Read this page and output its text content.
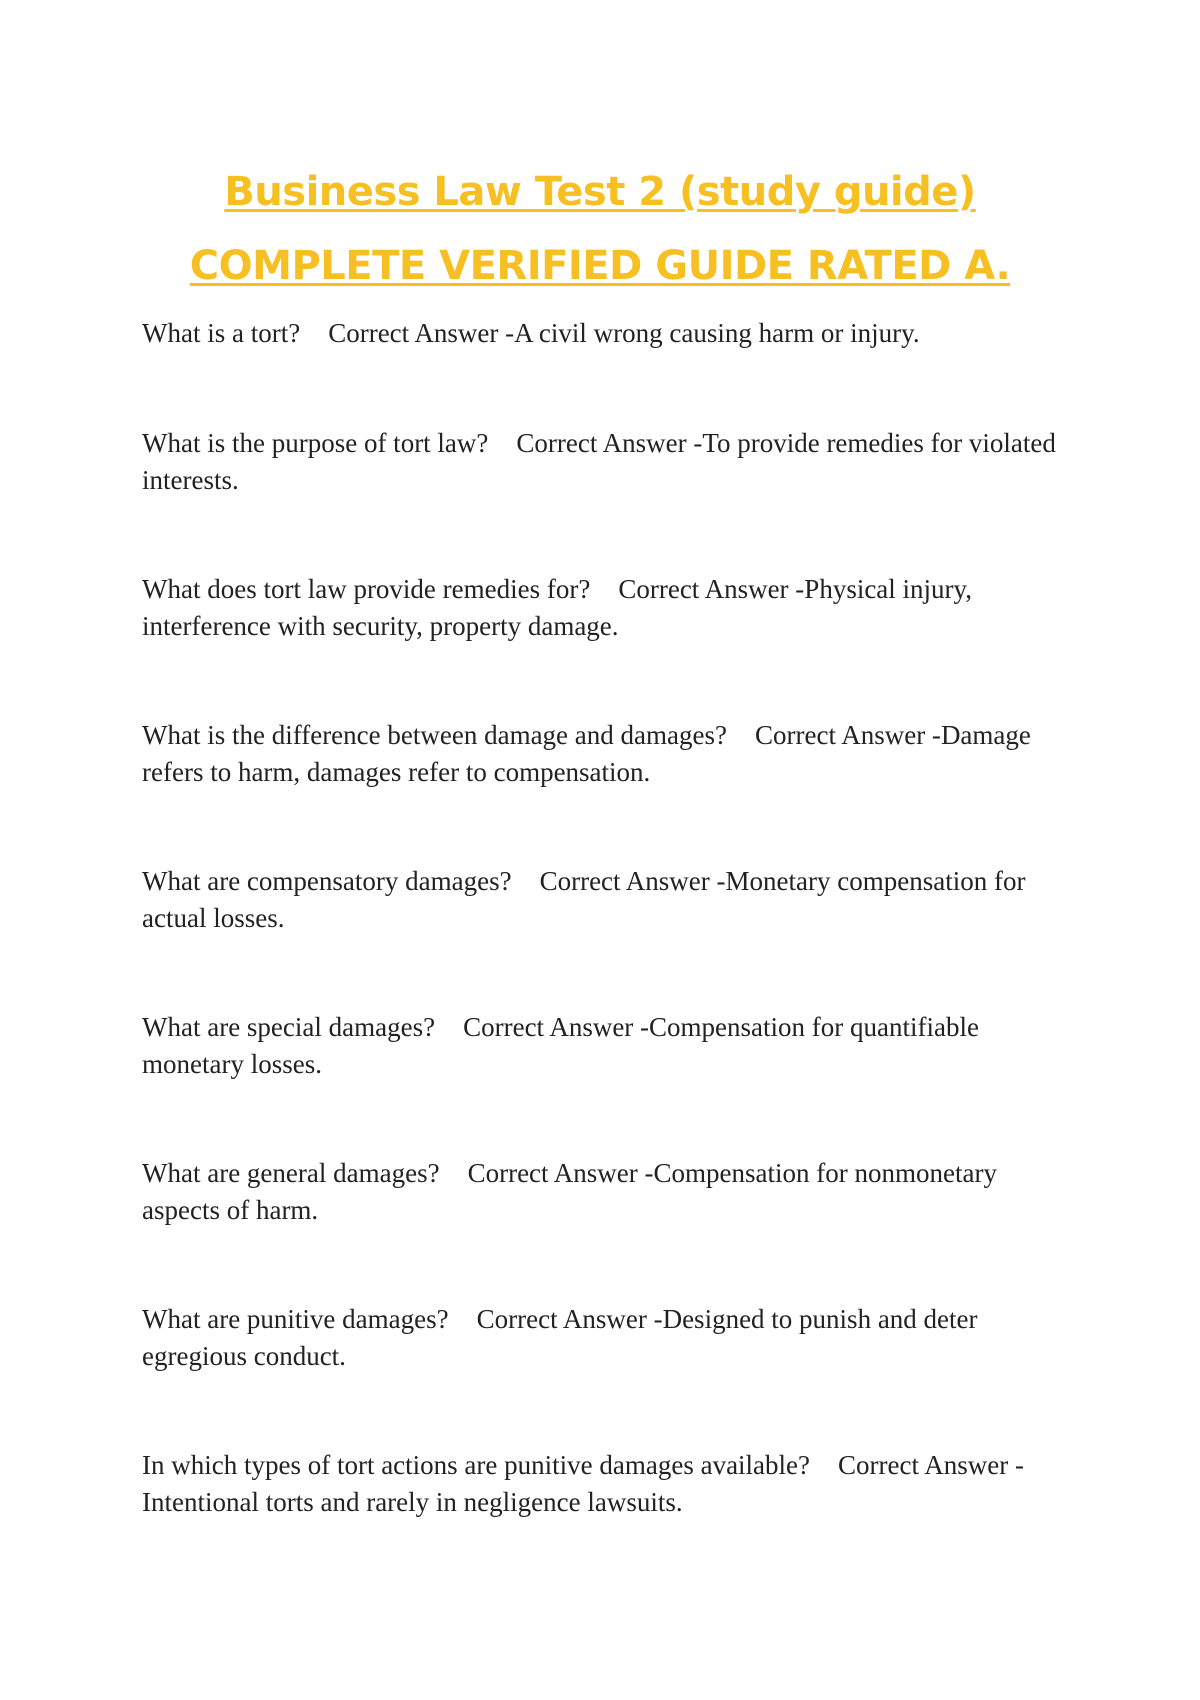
Business Law Test 2 (study guide)
COMPLETE VERIFIED GUIDE RATED A.

What is a tort? Correct Answer -A civil wrong causing harm or injury.

What is the purpose of tort law? Correct Answer -To provide remedies for violated interests.

What does tort law provide remedies for? Correct Answer -Physical injury, interference with security, property damage.

What is the difference between damage and damages? Correct Answer -Damage refers to harm, damages refer to compensation.

What are compensatory damages? Correct Answer -Monetary compensation for actual losses.

What are special damages? Correct Answer -Compensation for quantifiable monetary losses.

What are general damages? Correct Answer -Compensation for nonmonetary aspects of harm.

What are punitive damages? Correct Answer -Designed to punish and deter egregious conduct.

In which types of tort actions are punitive damages available? Correct Answer -Intentional torts and rarely in negligence lawsuits.
